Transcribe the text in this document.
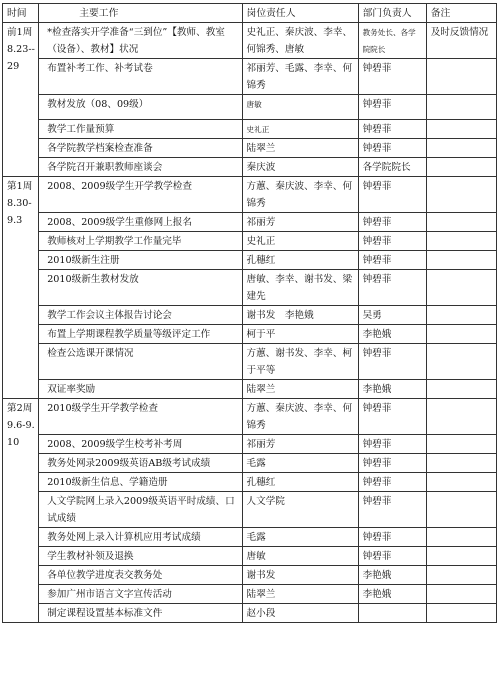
时间	主要工作	岗位责任人	部门负责人	备注
前1周 8.23--29	*检查落实开学准备“三到位”【教师、教室（设备）、教材】状况	史礼正、秦庆波、李幸、何锦秀、唐敏	教务处长、各学院院长	及时反馈情况
	布置补考工作、补考试卷	祁丽芳、毛露、李幸、何锦秀	钟碧菲	
	教材发放（08、09级）	唐敏	钟碧菲	
	教学工作量预算	史礼正	钟碧菲	
	各学院教学档案检查准备	陆翠兰	钟碧菲	
	各学院召开兼职教师座谈会	秦庆波	各学院院长	
第1周 8.30-9.3	2008、2009级学生开学教学检查	方蕙、秦庆波、李幸、何锦秀	钟碧菲	
	2008、2009级学生重修网上报名	祁丽芳	钟碧菲	
	教师核对上学期教学工作量完毕	史礼正	钟碧菲	
	2010级新生注册	孔穗红	钟碧菲	
	2010级新生教材发放	唐敏、李幸、谢书发、梁建先	钟碧菲	
	教学工作会议主体报告讨论会	谢书发　李艳娥	吴勇	
	布置上学期课程教学质量等级评定工作	柯于平	李艳娥	
	检查公选课开课情况	方蕙、谢书发、李幸、柯于平等	钟碧菲	
	双证率奖励	陆翠兰	李艳娥	
第2周 9.6-9.10	2010级学生开学教学检查	方蕙、秦庆波、李幸、何锦秀	钟碧菲	
	2008、2009级学生校考补考周	祁丽芳	钟碧菲	
	教务处网录2009级英语AB级考试成绩	毛露	钟碧菲	
	2010级新生信息、学籍造册	孔穗红	钟碧菲	
	人文学院网上录入2009级英语平时成绩、口试成绩	人文学院	钟碧菲	
	教务处网上录入计算机应用考试成绩	毛露	钟碧菲	
	学生教材补领及退换	唐敏	钟碧菲	
	各单位教学进度表交教务处	谢书发	李艳娥	
	参加广州市语言文字宣传活动	陆翠兰	李艳娥	
	制定课程设置基本标准文件	赵小段		
